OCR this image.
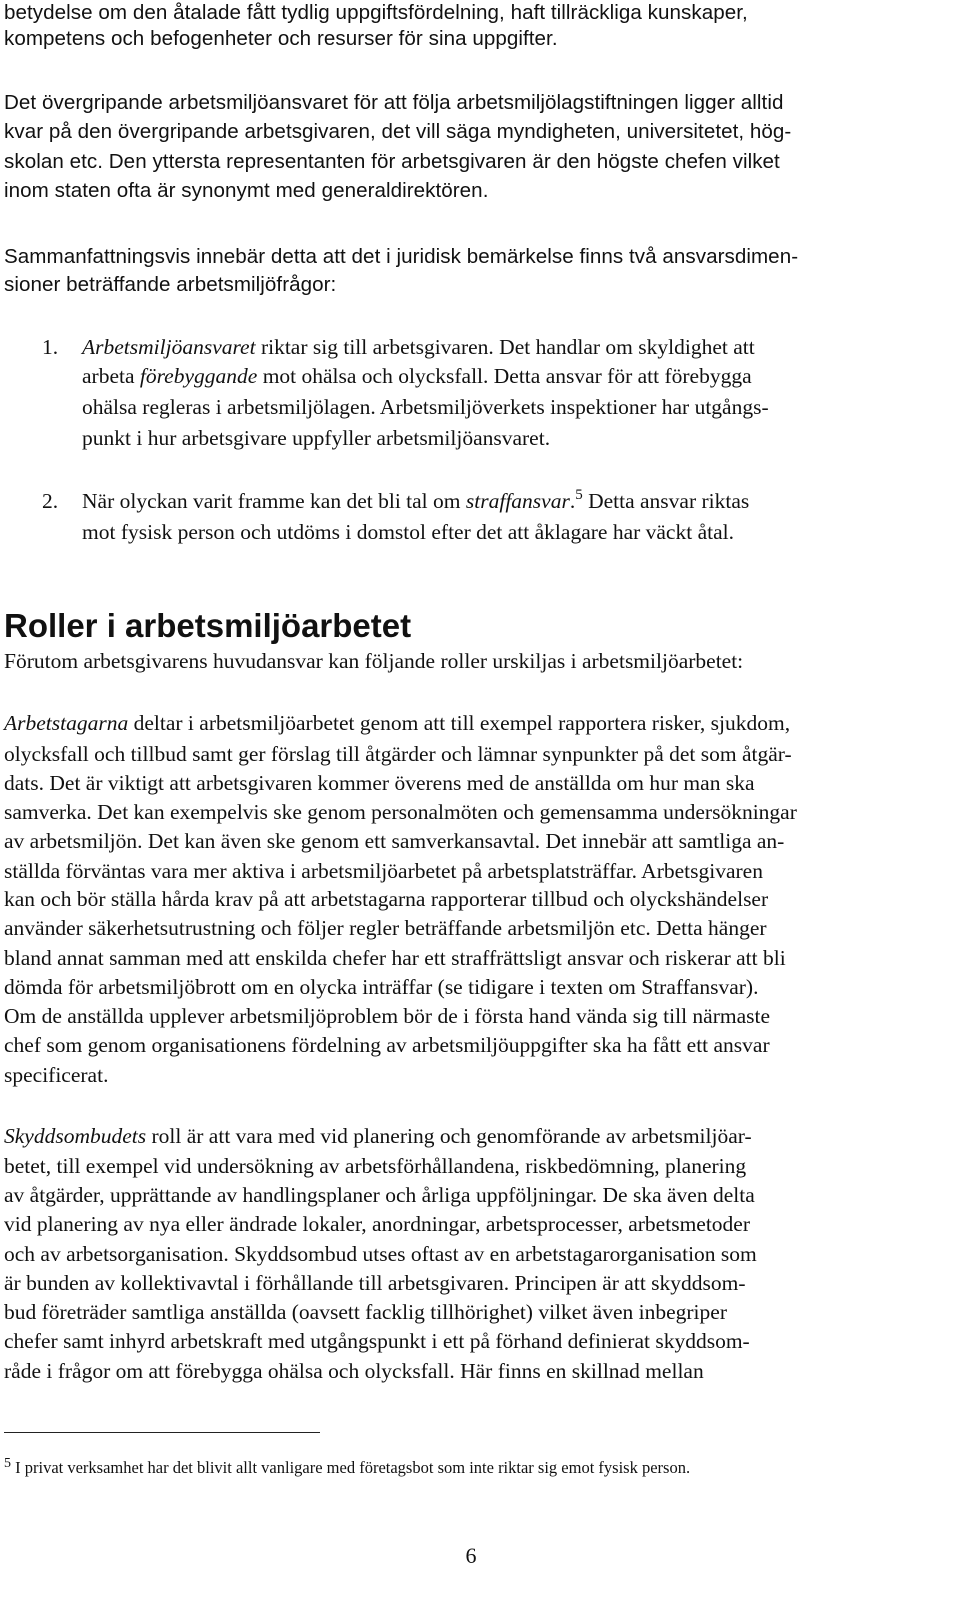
betydelse om den åtalade fått tydlig uppgiftsfördelning, haft tillräckliga kunskaper,
kompetens och befogenheter och resurser för sina uppgifter.
Det övergripande arbetsmiljöansvaret för att följa arbetsmiljölagstiftningen ligger alltid
kvar på den övergripande arbetsgivaren, det vill säga myndigheten, universitetet, hög-
skolan etc. Den yttersta representanten för arbetsgivaren är den högste chefen vilket
inom staten ofta är synonymt med generaldirektören.
Sammanfattningsvis innebär detta att det i juridisk bemärkelse finns två ansvarsdimen-
sioner beträffande arbetsmiljöfrågor:
1. Arbetsmiljöansvaret riktar sig till arbetsgivaren. Det handlar om skyldighet att
arbeta förebyggande mot ohälsa och olycksfall. Detta ansvar för att förebygga
ohälsa regleras i arbetsmiljölagen. Arbetsmiljöverkets inspektioner har utgångs-
punkt i hur arbetsgivare uppfyller arbetsmiljöansvaret.
2. När olyckan varit framme kan det bli tal om straffansvar.$^5$ Detta ansvar riktas
mot fysisk person och utdöms i domstol efter det att åklagare har väckt åtal.
Roller i arbetsmiljöarbetet
Förutom arbetsgivarens huvudansvar kan följande roller urskiljas i arbetsmiljöarbetet:
Arbetstagarna deltar i arbetsmiljöarbetet genom att till exempel rapportera risker, sjukdom,
olycksfall och tillbud samt ger förslag till åtgärder och lämnar synpunkter på det som åtgär-
dats. Det är viktigt att arbetsgivaren kommer överens med de anställda om hur man ska
samverka. Det kan exempelvis ske genom personalmöten och gemensamma undersökningar
av arbetsmiljön. Det kan även ske genom ett samverkansavtal. Det innebär att samtliga an-
ställda förväntas vara mer aktiva i arbetsmiljöarbetet på arbetsplatsträffar. Arbetsgivaren
kan och bör ställa hårda krav på att arbetstagarna rapporterar tillbud och olyckshändelser
använder säkerhetsutrustning och följer regler beträffande arbetsmiljön etc. Detta hänger
bland annat samman med att enskilda chefer har ett straffrättsligt ansvar och riskerar att bli
dömda för arbetsmiljöbrott om en olycka inträffar (se tidigare i texten om Straffansvar).
Om de anställda upplever arbetsmiljöproblem bör de i första hand vända sig till närmaste
chef som genom organisationens fördelning av arbetsmiljöuppgifter ska ha fått ett ansvar
specificerat.
Skyddsombudets roll är att vara med vid planering och genomförande av arbetsmiljöar-
betet, till exempel vid undersökning av arbetsförhållandena, riskbedömning, planering
av åtgärder, upprättande av handlingsplaner och årliga uppföljningar. De ska även delta
vid planering av nya eller ändrade lokaler, anordningar, arbetsprocesser, arbetsmetoder
och av arbetsorganisation. Skyddsombud utses oftast av en arbetstagarorganisation som
är bunden av kollektivavtal i förhållande till arbetsgivaren. Principen är att skyddsom-
bud företräder samtliga anställda (oavsett facklig tillhörighet) vilket även inbegriper
chefer samt inhyrd arbetskraft med utgångspunkt i ett på förhand definierat skyddsom-
råde i frågor om att förebygga ohälsa och olycksfall. Här finns en skillnad mellan
$^5$ I privat verksamhet har det blivit allt vanligare med företagsbot som inte riktar sig emot fysisk person.
6
